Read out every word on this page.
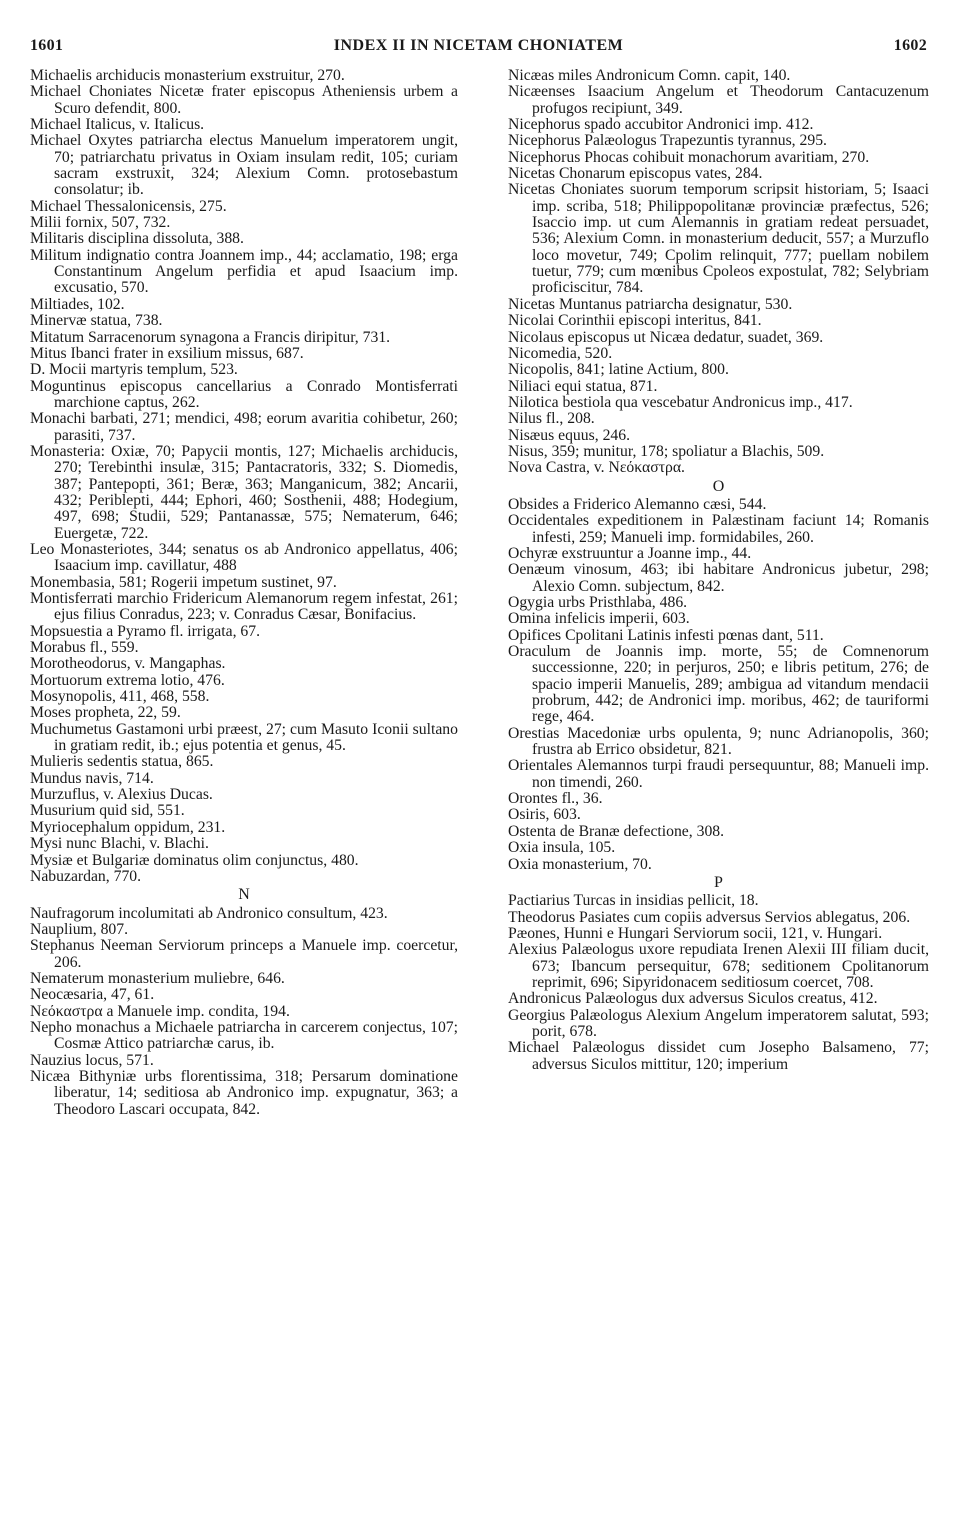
1601	INDEX II IN NICETAM CHONIATEM	1602

Michaelis archiducis monasterium exstruitur, 270.

Michael Choniates Nicetæ frater episcopus Atheniensis urbem a Scuro defendit, 800.

Michael Italicus, v. Italicus.

Michael Oxytes patriarcha electus Manuelum imperatorem ungit, 70; patriarchatu privatus in Oxiam insulam redit, 105; curiam sacram exstruxit, 324; Alexium Comn. protosebastum consolatur; ib.

Michael Thessalonicensis, 275.

Milii fornix, 507, 732.

Militaris disciplina dissoluta, 388.

Militum indignatio contra Joannem imp., 44; acclamatio, 198; erga Constantinum Angelum perfidia et apud Isaacium imp. excusatio, 570.

Miltiades, 102.

Minervæ statua, 738.

Mitatum Sarracenorum synagona a Francis diripitur, 731.

Mitus Ibanci frater in exsilium missus, 687.

D. Mocii martyris templum, 523.

Moguntinus episcopus cancellarius a Conrado Montisferrati marchione captus, 262.

Monachi barbati, 271; mendici, 498; eorum avaritia cohibetur, 260; parasiti, 737.

Monasteria: Oxiæ, 70; Papycii montis, 127; Michaelis archiducis, 270; Terebinthi insulæ, 315; Pantacratoris, 332; S. Diomedis, 387; Pantepopti, 361; Beræ, 363; Manganicum, 382; Ancarii, 432; Periblepti, 444; Ephori, 460; Sosthenii, 488; Hodegium, 497, 698; Studii, 529; Pantanassæ, 575; Nematerum, 646; Euergetæ, 722.

Leo Monasteriotes, 344; senatus os ab Andronico appellatus, 406; Isaacium imp. cavillatur, 488

Monembasia, 581; Rogerii impetum sustinet, 97.

Montisferrati marchio Fridericum Alemanorum regem infestat, 261; ejus filius Conradus, 223; v. Conradus Cæsar, Bonifacius.

Mopsuestia a Pyramo fl. irrigata, 67.

Morabus fl., 559.

Morotheodorus, v. Mangaphas.

Mortuorum extrema lotio, 476.

Mosynopolis, 411, 468, 558.

Moses propheta, 22, 59.

Muchumetus Gastamoni urbi præest, 27; cum Masuto Iconii sultano in gratiam redit, ib.; ejus potentia et genus, 45.

Mulieris sedentis statua, 865.

Mundus navis, 714.

Murzuflus, v. Alexius Ducas.

Musurium quid sid, 551.

Myriocephalum oppidum, 231.

Mysi nunc Blachi, v. Blachi.

Mysiæ et Bulgariæ dominatus olim conjunctus, 480.

Nabuzardan, 770.

N

Naufragorum incolumitati ab Andronico consultum, 423.

Nauplium, 807.

Stephanus Neeman Serviorum princeps a Manuele imp. coercetur, 206.

Nematerum monasterium muliebre, 646.

Neocæsaria, 47, 61.

Νεόκαστρα a Manuele imp. condita, 194.

Nepho monachus a Michaele patriarcha in carcerem conjectus, 107; Cosmæ Attico patriarchæ carus, ib.

Nauzius locus, 571.

Nicæa Bithyniæ urbs florentissima, 318; Persarum dominatione liberatur, 14; seditiosa ab Andronico imp. expugnatur, 363; a Theodoro Lascari occupata, 842.

Nicæas miles Andronicum Comn. capit, 140.

Nicæenses Isaacium Angelum et Theodorum Cantacuzenum profugos recipiunt, 349.

Nicephorus spado accubitor Andronici imp. 412.

Nicephorus Palæologus Trapezuntis tyrannus, 295.

Nicephorus Phocas cohibuit monachorum avaritiam, 270.

Nicetas Chonarum episcopus vates, 284.

Nicetas Choniates suorum temporum scripsit historiam, 5; Isaaci imp. scriba, 518; Philippopolitanæ provinciæ præfectus, 526; Isaccio imp. ut cum Alemannis in gratiam redeat persuadet, 536; Alexium Comn. in monasterium deducit, 557; a Murzuflo loco movetur, 749; Cpolim relinquit, 777; puellam nobilem tuetur, 779; cum mœnibus Cpoleos expostulat, 782; Selybriam proficiscitur, 784.

Nicetas Muntanus patriarcha designatur, 530.

Nicolai Corinthii episcopi interitus, 841.

Nicolaus episcopus ut Nicæa dedatur, suadet, 369.

Nicomedia, 520.

Nicopolis, 841; latine Actium, 800.

Niliaci equi statua, 871.

Nilotica bestiola qua vescebatur Andronicus imp., 417.

Nilus fl., 208.

Nisæus equus, 246.

Nisus, 359; munitur, 178; spoliatur a Blachis, 509.

Nova Castra, v. Νεόκαστρα.

O

Obsides a Friderico Alemanno cæsi, 544.

Occidentales expeditionem in Palæstinam faciunt 14; Romanis infesti, 259; Manueli imp. formidabiles, 260.

Ochyræ exstruuntur a Joanne imp., 44.

Oenæum vinosum, 463; ibi habitare Andronicus jubetur, 298; Alexio Comn. subjectum, 842.

Ogygia urbs Pristhlaba, 486.

Omina infelicis imperii, 603.

Opifices Cpolitani Latinis infesti pœnas dant, 511.

Oraculum de Joannis imp. morte, 55; de Comnenorum successionne, 220; in perjuros, 250; e libris petitum, 276; de spacio imperii Manuelis, 289; ambigua ad vitandum mendacii probrum, 442; de Andronici imp. moribus, 462; de tauriformi rege, 464.

Orestias Macedoniæ urbs opulenta, 9; nunc Adrianopolis, 360; frustra ab Errico obsidetur, 821.

Orientales Alemannos turpi fraudi persequuntur, 88; Manueli imp. non timendi, 260.

Orontes fl., 36.

Osiris, 603.

Ostenta de Branæ defectione, 308.

Oxia insula, 105.

Oxia monasterium, 70.

P

Pactiarius Turcas in insidias pellicit, 18.

Theodorus Pasiates cum copiis adversus Servios ablegatus, 206.

Pæones, Hunni e Hungari Serviorum socii, 121, v. Hungari.

Alexius Palæologus uxore repudiata Irenen Alexii III filiam ducit, 673; Ibancum persequitur, 678; seditionem Cpolitanorum reprimit, 696; Sipyridonacem seditiosum coercet, 708.

Andronicus Palæologus dux adversus Siculos creatus, 412.

Georgius Palæologus Alexium Angelum imperatorem salutat, 593; porit, 678.

Michael Palæologus dissidet cum Josepho Balsameno, 77; adversus Siculos mittitur, 120; imperium
